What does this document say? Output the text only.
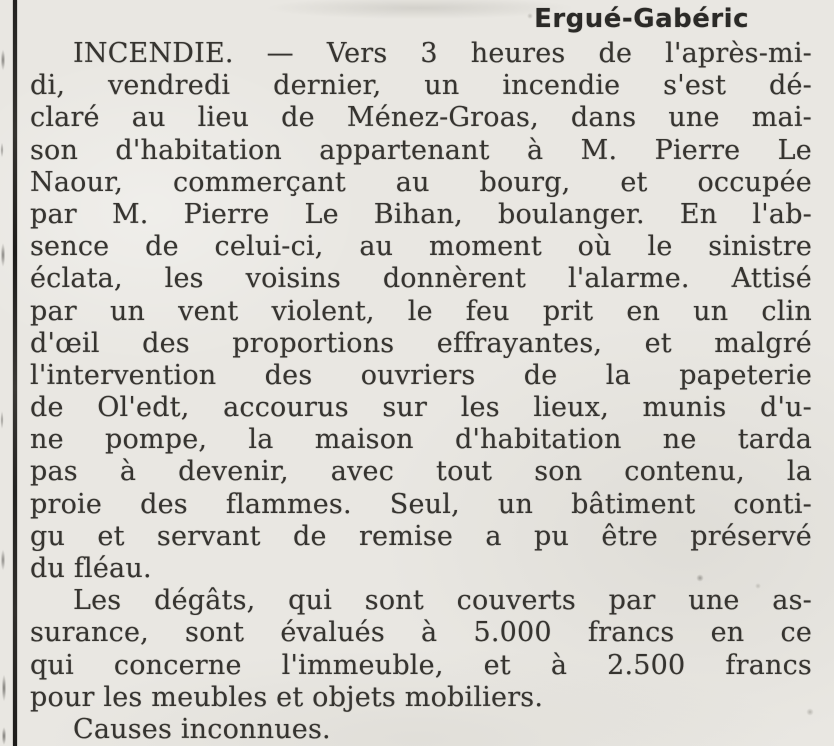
Ergué-Gabéric
INCENDIE. — Vers 3 heures de l'après-mi-
di, vendredi dernier, un incendie s'est dé-
claré au lieu de Ménez-Groas, dans une mai-
son d'habitation appartenant à M. Pierre Le
Naour, commerçant au bourg, et occupée
par M. Pierre Le Bihan, boulanger. En l'ab-
sence de celui-ci, au moment où le sinistre
éclata, les voisins donnèrent l'alarme. Attisé
par un vent violent, le feu prit en un clin
d'œil des proportions effrayantes, et malgré
l'intervention des ouvriers de la papeterie
de Ol'edt, accourus sur les lieux, munis d'u-
ne pompe, la maison d'habitation ne tarda
pas à devenir, avec tout son contenu, la
proie des flammes. Seul, un bâtiment conti-
gu et servant de remise a pu être préservé
du fléau.
Les dégâts, qui sont couverts par une as-
surance, sont évalués à 5.000 francs en ce
qui concerne l'immeuble, et à 2.500 francs
pour les meubles et objets mobiliers.
Causes inconnues.
